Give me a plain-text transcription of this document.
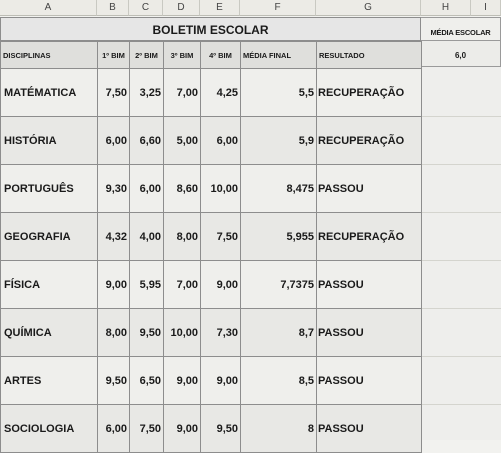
A	B	C	D	E	F	G	H	I
BOLETIM ESCOLAR	MÉDIA ESCOLAR
6,0
DISCIPLINAS	1º BIM	2º BIM	3º BIM	4º BIM	MÉDIA FINAL	RESULTADO
MATÉMATICA	7,50	3,25	7,00	4,25	5,5	RECUPERAÇÃO
HISTÓRIA	6,00	6,60	5,00	6,00	5,9	RECUPERAÇÃO
PORTUGUÊS	9,30	6,00	8,60	10,00	8,475	PASSOU
GEOGRAFIA	4,32	4,00	8,00	7,50	5,955	RECUPERAÇÃO
FÍSICA	9,00	5,95	7,00	9,00	7,7375	PASSOU
QUÍMICA	8,00	9,50	10,00	7,30	8,7	PASSOU
ARTES	9,50	6,50	9,00	9,00	8,5	PASSOU
SOCIOLOGIA	6,00	7,50	9,00	9,50	8	PASSOU
